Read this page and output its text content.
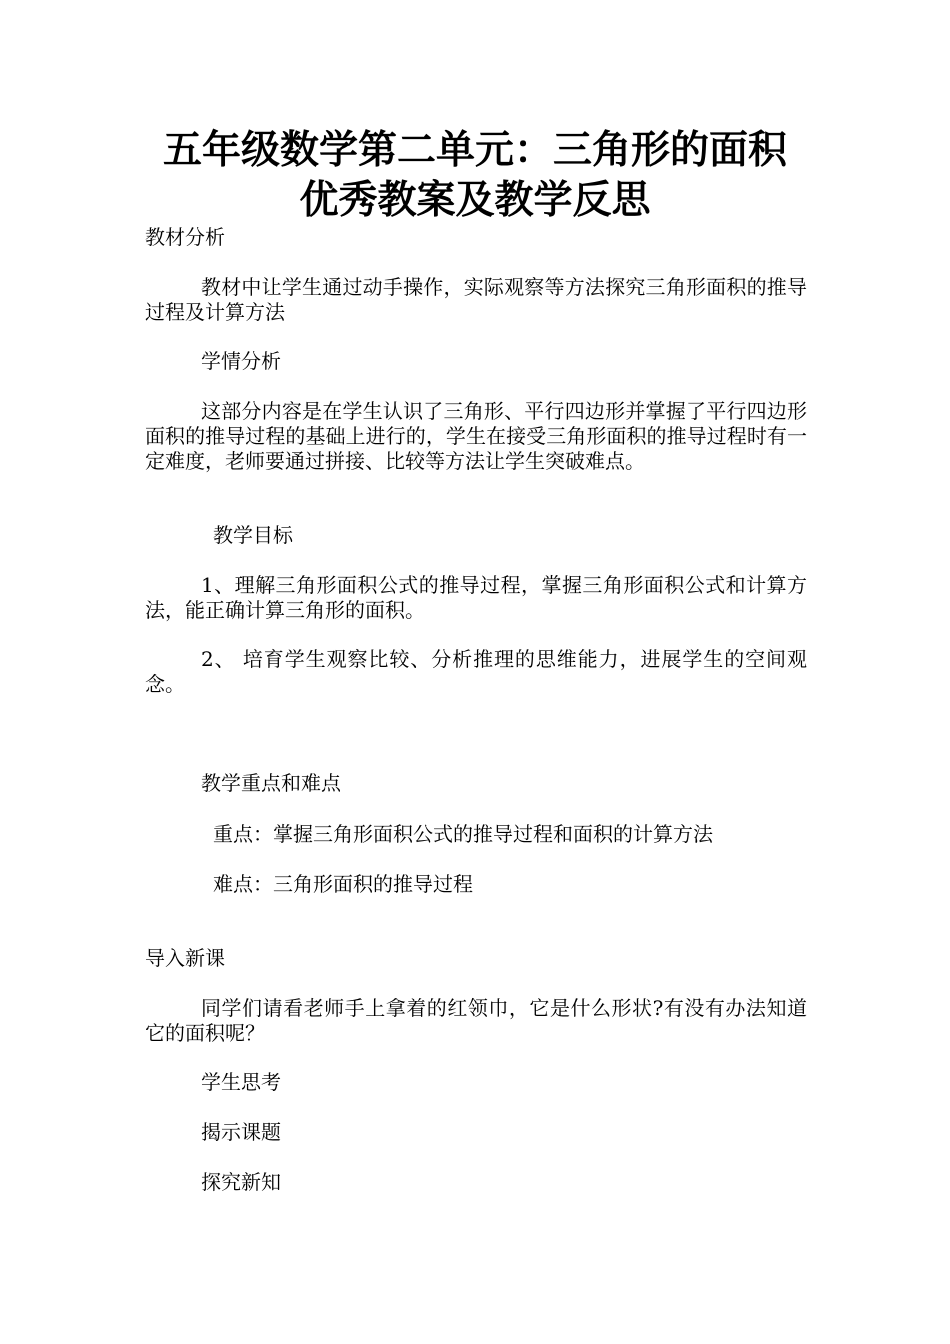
五年级数学第二单元：三角形的面积优秀教案及教学反思

教材分析

教材中让学生通过动手操作，实际观察等方法探究三角形面积的推导过程及计算方法

学情分析

这部分内容是在学生认识了三角形、平行四边形并掌握了平行四边形面积的推导过程的基础上进行的，学生在接受三角形面积的推导过程时有一定难度，老师要通过拼接、比较等方法让学生突破难点。

教学目标

1、理解三角形面积公式的推导过程，掌握三角形面积公式和计算方法，能正确计算三角形的面积。

2、 培育学生观察比较、分析推理的思维能力，进展学生的空间观念。

教学重点和难点

重点：掌握三角形面积公式的推导过程和面积的计算方法

难点：三角形面积的推导过程

导入新课

同学们请看老师手上拿着的红领巾，它是什么形状?有没有办法知道它的面积呢？

学生思考

揭示课题

探究新知
